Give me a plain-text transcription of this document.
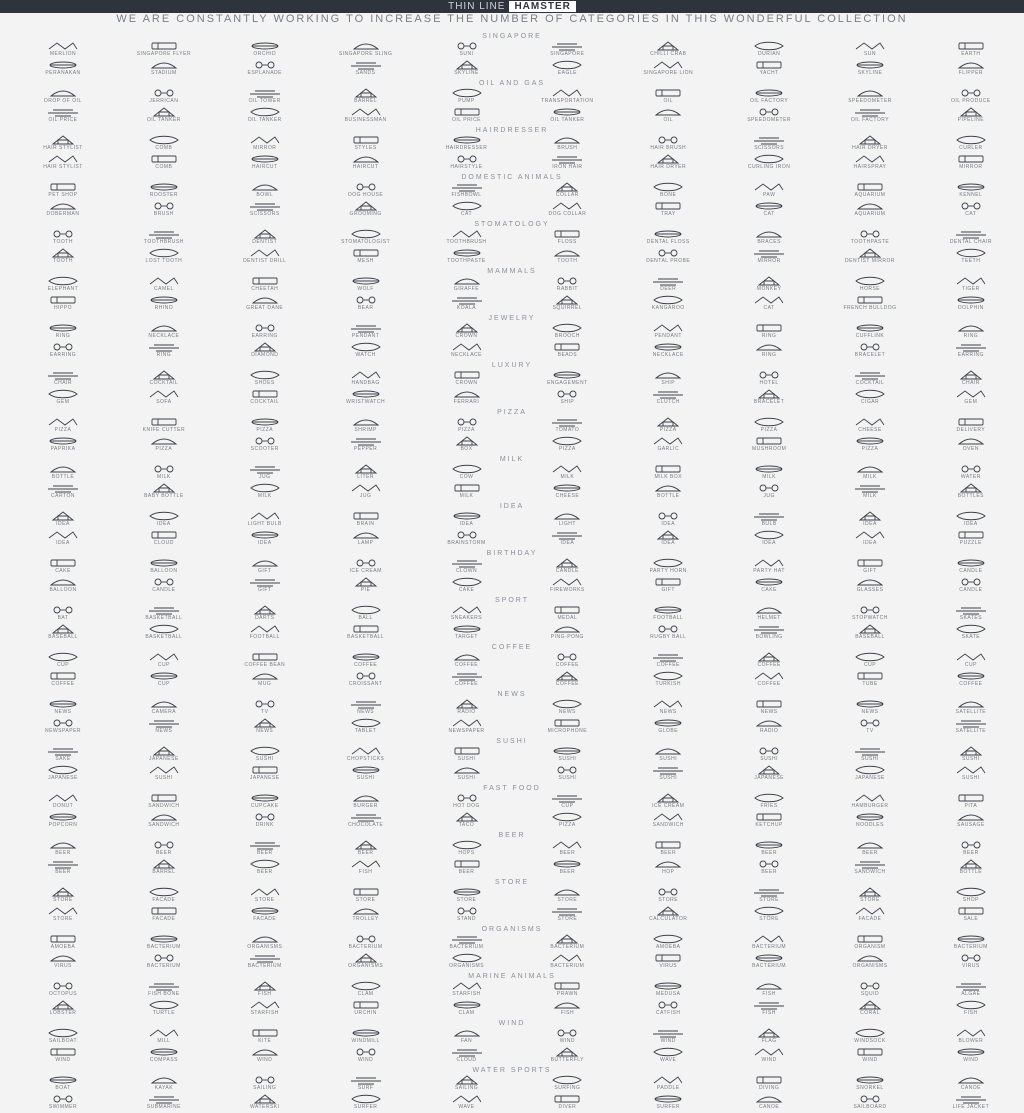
THIN LINE HAMSTER
WE ARE CONSTANTLY WORKING TO INCREASE THE NUMBER OF CATEGORIES IN THIS WONDERFUL COLLECTION
SINGAPORE
MERLION	SINGAPORE FLYER	ORCHID	SINGAPORE SLING	SUNI	SINGAPORE	CHILLI CRAB	DURIAN	SUN	EARTH
PERANAKAN	STADIUM	ESPLANADE	SANDS	SKYLINE	EAGLE	SINGAPORE LION	YACHT	SKYLINE	FLIPPER
OIL AND GAS
DROP OF OIL	JERRICAN	OIL TOWER	BARREL	PUMP	TRANSPORTATION	OIL	OIL FACTORY	SPEEDOMETER	OIL PRODUCE
OIL PRICE	OIL TANKER	OIL TANKER	BUSINESSMAN	OIL PRICE	OIL TANKER	OIL	SPEEDOMETER	OIL FACTORY	PIPELINE
HAIRDRESSER
HAIR STYLIST	COMB	MIRROR	STYLES	HAIRDRESSER	BRUSH	HAIR BRUSH	SCISSORS	HAIR DRYER	CURLER
HAIR STYLIST	COMB	HAIRCUT	HAIRCUT	HAIRSTYLE	IRON HAIR	HAIR DRYER	CURLING IRON	HAIRSPRAY	MIRROR
DOMESTIC ANIMALS
PET SHOP	ROOSTER	BOWL	DOG HOUSE	FISHBOWL	COLLAR	BONE	PAW	AQUARIUM	KENNEL
DOBERMAN	BRUSH	SCISSORS	GROOMING	CAT	DOG COLLAR	TRAY	CAT	AQUARIUM	CAT
STOMATOLOGY
TOOTH	TOOTHBRUSH	DENTIST	STOMATOLOGIST	TOOTHBRUSH	FLOSS	DENTAL FLOSS	BRACES	TOOTHPASTE	DENTAL CHAIR
TOOTH	LOST TOOTH	DENTIST DRILL	MESH	TOOTHPASTE	TOOTH	DENTAL PROBE	MIRROR	DENTIST MIRROR	TEETH
MAMMALS
ELEPHANT	CAMEL	CHEETAH	WOLF	GIRAFFE	RABBIT	DEER	MONKEY	HORSE	TIGER
HIPPO	RHINO	GREAT DANE	BEAR	KOALA	SQUIRREL	KANGAROO	CAT	FRENCH BULLDOG	DOLPHIN
JEWELRY
RING	NECKLACE	EARRING	PENDANT	CROWN	BROOCH	PENDANT	RING	CUFFLINK	RING
EARRING	RING	DIAMOND	WATCH	NECKLACE	BEADS	NECKLACE	RING	BRACELET	EARRING
LUXURY
CHAIR	COCKTAIL	SHOES	HANDBAG	CROWN	ENGAGEMENT	SHIP	HOTEL	COCKTAIL	CHAIR
GEM	SOFA	COCKTAIL	WRISTWATCH	FERRARI	SHIP	CLUTCH	BRACELET	CIGAR	GEM
PIZZA
PIZZA	KNIFE CUTTER	PIZZA	SHRIMP	PIZZA	TOMATO	PIZZA	PIZZA	CHEESE	DELIVERY
PAPRIKA	PIZZA	SCOOTER	PEPPER	BOX	PIZZA	GARLIC	MUSHROOM	PIZZA	OVEN
MILK
BOTTLE	MILK	JUG	LITER	COW	MILK	MILK BOX	MILK	MILK	WATER
CARTON	BABY BOTTLE	MILK	JUG	MILK	CHEESE	BOTTLE	JUG	MILK	BOTTLES
IDEA
IDEA	IDEA	LIGHT BULB	BRAIN	IDEA	LIGHT	IDEA	BULB	IDEA	IDEA
IDEA	CLOUD	IDEA	LAMP	BRAINSTORM	IDEA	IDEA	IDEA	IDEA	PUZZLE
BIRTHDAY
CAKE	BALLOON	GIFT	ICE CREAM	CLOWN	CANDLE	PARTY HORN	PARTY HAT	GIFT	CANDLE
BALLOON	CANDLE	GIFT	PIE	CAKE	FIREWORKS	GIFT	CAKE	GLASSES	CANDLE
SPORT
BAT	BASKETBALL	DARTS	BALL	SNEAKERS	MEDAL	FOOTBALL	HELMET	STOPWATCH	SKATES
BASEBALL	BASKETBALL	FOOTBALL	BASKETBALL	TARGET	PING-PONG	RUGBY BALL	BOWLING	BASEBALL	SKATE
COFFEE
CUP	CUP	COFFEE BEAN	COFFEE	COFFEE	COFFEE	COFFEE	COFFEE	CUP	CUP
COFFEE	CUP	MUG	CROISSANT	COFFEE	COFFEE	TURKISH	COFFEE	TUBE	COFFEE
NEWS
NEWS	CAMERA	TV	NEWS	RADIO	NEWS	NEWS	NEWS	NEWS	SATELLITE
NEWSPAPER	NEWS	NEWS	TABLET	NEWSPAPER	MICROPHONE	GLOBE	RADIO	TV	SATELLITE
SUSHI
SAKE	JAPANESE	SUSHI	CHOPSTICKS	SUSHI	SUSHI	SUSHI	SUSHI	SUSHI	SUSHI
JAPANESE	SUSHI	JAPANESE	SUSHI	SUSHI	SUSHI	SUSHI	JAPANESE	JAPANESE	SUSHI
FAST FOOD
DONUT	SANDWICH	CUPCAKE	BURGER	HOT DOG	CUP	ICE CREAM	FRIES	HAMBURGER	PITA
POPCORN	SANDWICH	DRINK	CHOCOLATE	TACO	PIZZA	SANDWICH	KETCHUP	NOODLES	SAUSAGE
BEER
BEER	BEER	BEER	BEER	HOPS	BEER	BEER	BEER	BEER	BEER
BEER	BARREL	BEER	FISH	BEER	BEER	HOP	BEER	SANDWICH	BOTTLE
STORE
STORE	FACADE	STORE	STORE	STORE	STORE	STORE	STORE	STORE	SHOP
STORE	FACADE	FACADE	TROLLEY	STAND	STORE	CALCULATOR	STORE	FACADE	SALE
ORGANISMS
AMOEBA	BACTERIUM	ORGANISMS	BACTERIUM	BACTERIUM	BACTERIUM	AMOEBA	BACTERIUM	ORGANISM	BACTERIUM
VIRUS	BACTERIUM	BACTERIUM	ORGANISMS	ORGANISMS	BACTERIUM	VIRUS	BACTERIUM	ORGANISMS	VIRUS
MARINE ANIMALS
OCTOPUS	FISH BONE	FISH	CLAM	STARFISH	PRAWN	MEDUSA	FISH	SQUID	ALGAE
LOBSTER	TURTLE	STARFISH	URCHIN	CLAM	FISH	CATFISH	FISH	CORAL	FISH
WIND
SAILBOAT	MILL	KITE	WINDMILL	FAN	WIND	WIND	FLAG	WINDSOCK	BLOWER
WIND	COMPASS	WIND	WIND	CLOUD	BUTTERFLY	WAVE	WIND	WIND	WIND
WATER SPORTS
BOAT	KAYAK	SAILING	SURF	SAILING	SURFING	PADDLE	DIVING	SNORKEL	CANOE
SWIMMER	SUBMARINE	WATERSKI	SURFER	WAVE	DIVER	SURFER	CANOE	SAILBOARD	LIFE JACKET
